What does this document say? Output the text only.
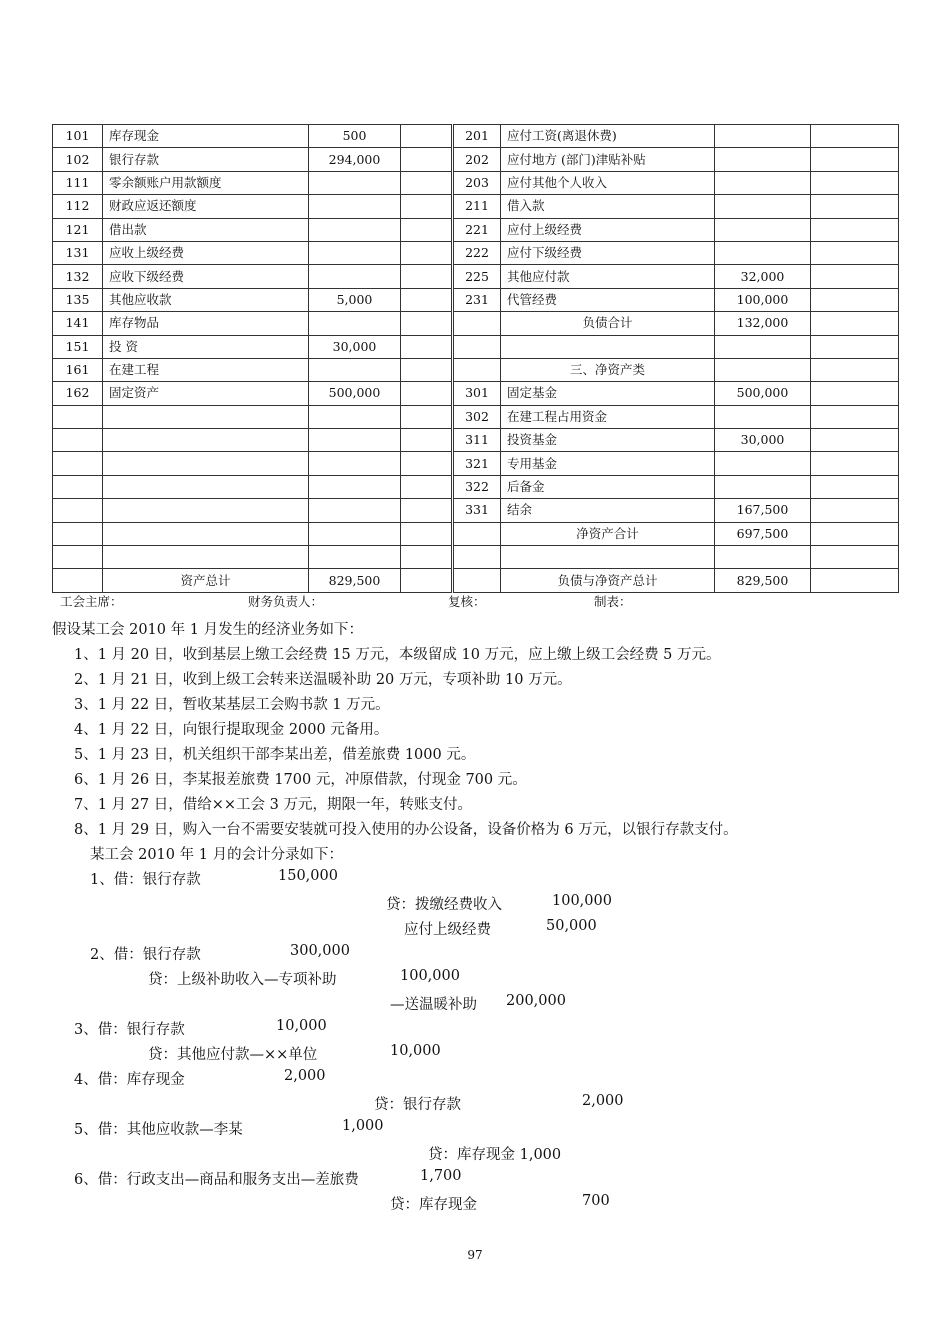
101	库存现金	500		201	应付工资(离退休费)		
102	银行存款	294,000		202	应付地方 (部门)津贴补贴		
111	零余额账户用款额度			203	应付其他个人收入		
112	财政应返还额度			211	借入款		
121	借出款			221	应付上级经费		
131	应收上级经费			222	应付下级经费		
132	应收下级经费			225	其他应付款	32,000	
135	其他应收款	5,000		231	代管经费	100,000	
141	库存物品				负债合计	132,000	
151	投 资	30,000					
161	在建工程				三、净资产类		
162	固定资产	500,000		301	固定基金	500,000	
				302	在建工程占用资金		
				311	投资基金	30,000	
				321	专用基金		
				322	后备金		
				331	结余	167,500	
					净资产合计	697,500	

	资产总计	829,500			负债与净资产总计	829,500	
工会主席：	财务负责人：	复核：	制表：
假设某工会 2010 年 1 月发生的经济业务如下：
1、1 月 20 日，收到基层上缴工会经费 15 万元，本级留成 10 万元，应上缴上级工会经费 5 万元。
2、1 月 21 日，收到上级工会转来送温暖补助 20 万元，专项补助 10 万元。
3、1 月 22 日，暂收某基层工会购书款 1 万元。
4、1 月 22 日，向银行提取现金 2000 元备用。
5、1 月 23 日，机关组织干部李某出差，借差旅费 1000 元。
6、1 月 26 日，李某报差旅费 1700 元，冲原借款，付现金 700 元。
7、1 月 27 日，借给××工会 3 万元，期限一年，转账支付。
8、1 月 29 日，购入一台不需要安装就可投入使用的办公设备，设备价格为 6 万元，以银行存款支付。
某工会 2010 年 1 月的会计分录如下：
1、借：银行存款	150,000
贷：拨缴经费收入	100,000
应付上级经费	50,000
2、借：银行存款	300,000
贷：上级补助收入—专项补助	100,000
—送温暖补助 200,000
3、借：银行存款	10,000
贷：其他应付款—××单位	10,000
4、借：库存现金	2,000
贷：银行存款	2,000
5、借：其他应收款—李某	1,000
贷：库存现金 1,000
6、借：行政支出—商品和服务支出—差旅费	1,700
贷：库存现金	700
97
